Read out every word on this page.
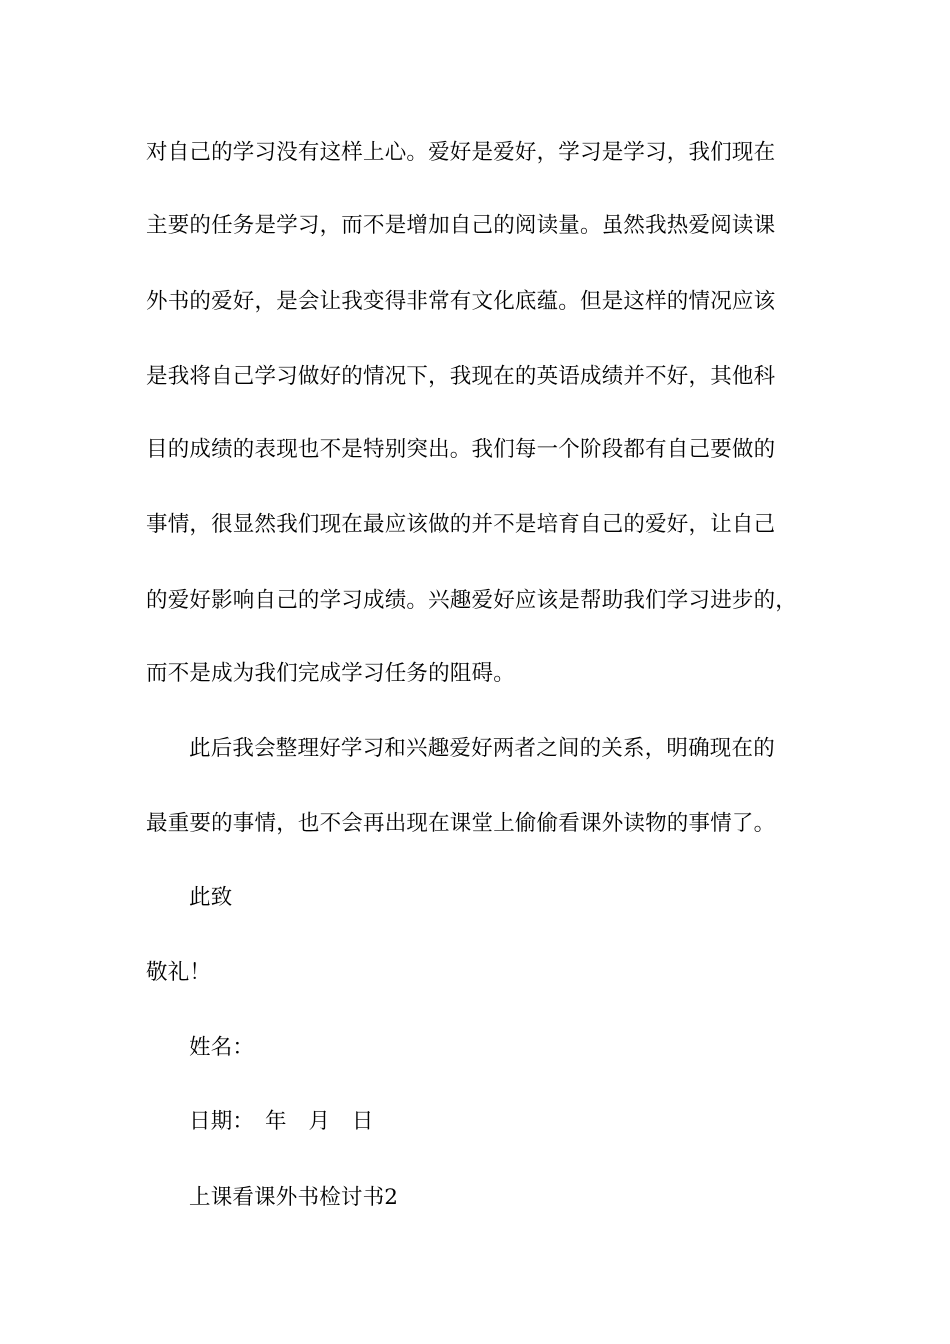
对自己的学习没有这样上心。爱好是爱好，学习是学习，我们现在
主要的任务是学习，而不是增加自己的阅读量。虽然我热爱阅读课
外书的爱好，是会让我变得非常有文化底蕴。但是这样的情况应该
是我将自己学习做好的情况下，我现在的英语成绩并不好，其他科
目的成绩的表现也不是特别突出。我们每一个阶段都有自己要做的
事情，很显然我们现在最应该做的并不是培育自己的爱好，让自己
的爱好影响自己的学习成绩。兴趣爱好应该是帮助我们学习进步的，
而不是成为我们完成学习任务的阻碍。
此后我会整理好学习和兴趣爱好两者之间的关系，明确现在的
最重要的事情，也不会再出现在课堂上偷偷看课外读物的事情了。
此致
敬礼！
姓名：
日期：　年　月　日
上课看课外书检讨书2
